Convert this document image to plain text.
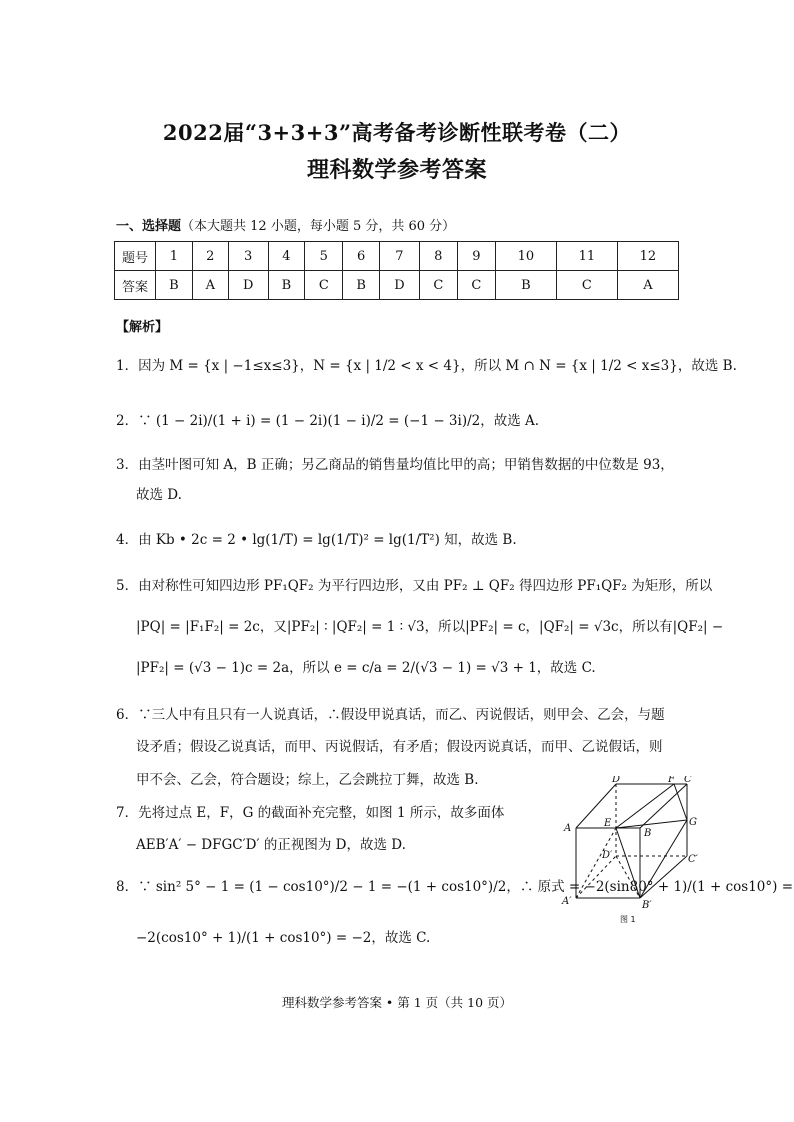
2022届“3+3+3”高考备考诊断性联考卷（二）
理科数学参考答案
一、选择题（本大题共 12 小题，每小题 5 分，共 60 分）
题号	1	2	3	4	5	6	7	8	9	10	11	12
答案	B	A	D	B	C	B	D	C	C	B	C	A
【解析】
1．因为 M = {x | −1≤x≤3}，N = {x | 1/2 < x < 4}，所以 M ∩ N = {x | 1/2 < x≤3}，故选 B.
2．∵ (1 − 2i)/(1 + i) = (1 − 2i)(1 − i)/2 = (−1 − 3i)/2，故选 A.
3．由茎叶图可知 A，B 正确；另乙商品的销售量均值比甲的高；甲销售数据的中位数是 93，
故选 D.
4．由 Kb • 2c = 2 • lg(1/T) = lg(1/T)² = lg(1/T²) 知，故选 B.
5．由对称性可知四边形 PF₁QF₂ 为平行四边形，又由 PF₂ ⊥ QF₂ 得四边形 PF₁QF₂ 为矩形，所以
|PQ| = |F₁F₂| = 2c，又|PF₂| ∶ |QF₂| = 1 ∶ √3，所以|PF₂| = c，|QF₂| = √3c，所以有|QF₂| −
|PF₂| = (√3 − 1)c = 2a，所以 e = c/a = 2/(√3 − 1) = √3 + 1，故选 C.
6．∵三人中有且只有一人说真话，∴假设甲说真话，而乙、丙说假话，则甲会、乙会，与题
设矛盾；假设乙说真话，而甲、丙说假话，有矛盾；假设丙说真话，而甲、乙说假话，则
甲不会、乙会，符合题设；综上，乙会跳拉丁舞，故选 B.
7．先将过点 E，F，G 的截面补充完整，如图 1 所示，故多面体
AEB′A′ − DFGC′D′ 的正视图为 D，故选 D.
8．∵ sin² 5° − 1 = (1 − cos10°)/2 − 1 = −(1 + cos10°)/2，∴ 原式 = −2(sin80° + 1)/(1 + cos10°) =
−2(cos10° + 1)/(1 + cos10°) = −2，故选 C.
D	F C
A	E
B
G
D′	C′
A′	B′
图 1
理科数学参考答案 • 第 1 页（共 10 页）
